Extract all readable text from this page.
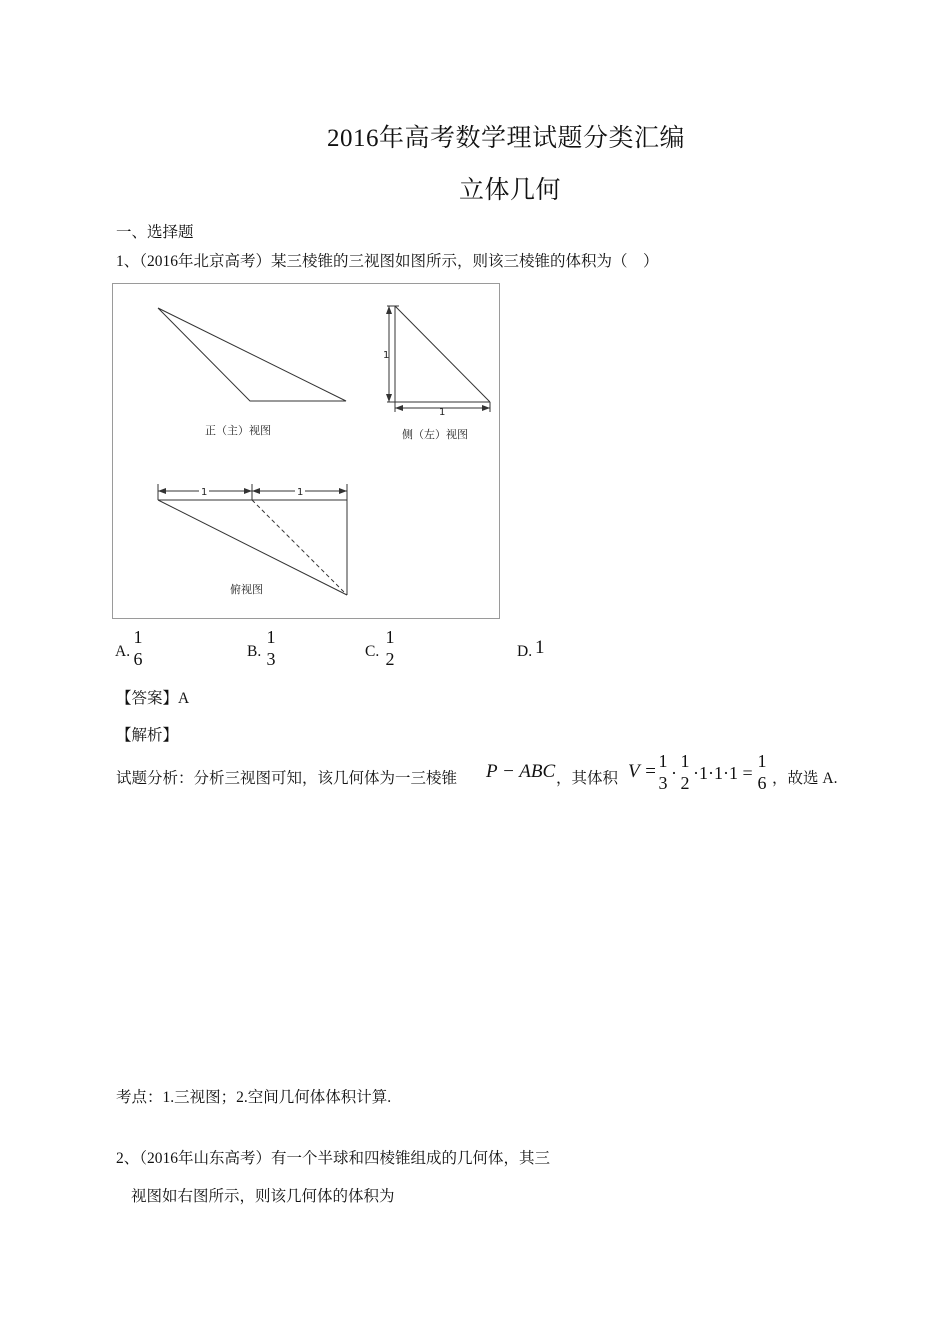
2016年高考数学理试题分类汇编
立体几何
一、选择题
1、（2016年北京高考）某三棱锥的三视图如图所示，则该三棱锥的体积为（　）
正（主）视图
1
1
侧（左）视图
1	1
俯视图
A.
1
6	B.
1
3	C.
1
2	D. 1
【答案】A
【解析】
试题分析：分析三视图可知，该几何体为一三棱锥 P − ABC ，其体积 V = 1
3 ·
1
2 ·1·1·1 =
1
6 ，故选 A.
考点：1.三视图；2.空间几何体体积计算.
2、（2016年山东高考）有一个半球和四棱锥组成的几何体，其三
视图如右图所示，则该几何体的体积为
